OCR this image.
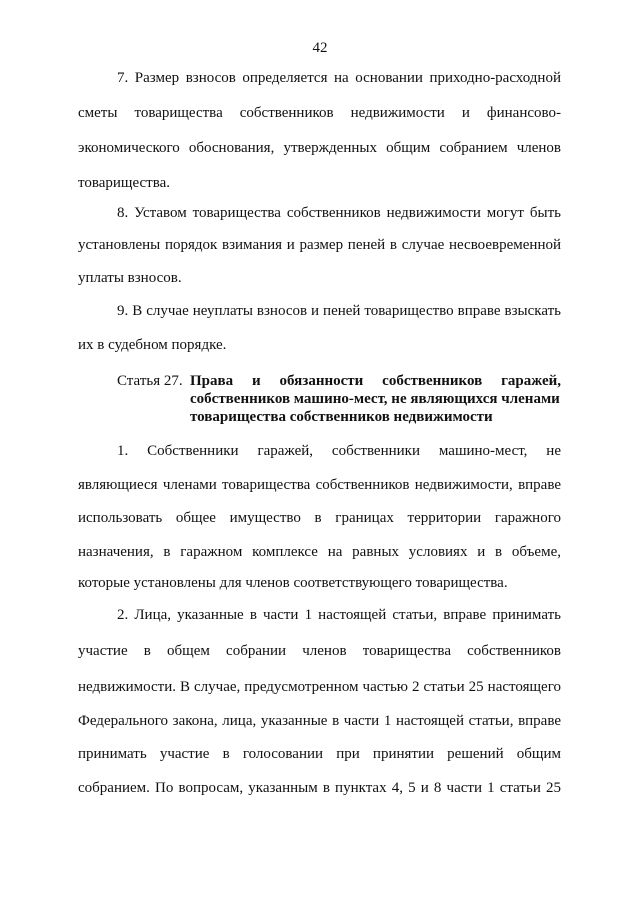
42
7. Размер взносов определяется на основании приходно-расходной
сметы товарищества собственников недвижимости и финансово-
экономического обоснования, утвержденных общим собранием членов
товарищества.
8. Уставом товарищества собственников недвижимости могут быть
установлены порядок взимания и размер пеней в случае несвоевременной
уплаты взносов.
9. В случае неуплаты взносов и пеней товарищество вправе взыскать
их в судебном порядке.
Статья 27. Права и обязанности собственников гаражей,
собственников машино-мест, не являющихся членами
товарищества собственников недвижимости
1. Собственники гаражей, собственники машино-мест, не
являющиеся членами товарищества собственников недвижимости, вправе
использовать общее имущество в границах территории гаражного
назначения, в гаражном комплексе на равных условиях и в объеме,
которые установлены для членов соответствующего товарищества.
2. Лица, указанные в части 1 настоящей статьи, вправе принимать
участие в общем собрании членов товарищества собственников
недвижимости. В случае, предусмотренном частью 2 статьи 25 настоящего
Федерального закона, лица, указанные в части 1 настоящей статьи, вправе
принимать участие в голосовании при принятии решений общим
собранием. По вопросам, указанным в пунктах 4, 5 и 8 части 1 статьи 25
